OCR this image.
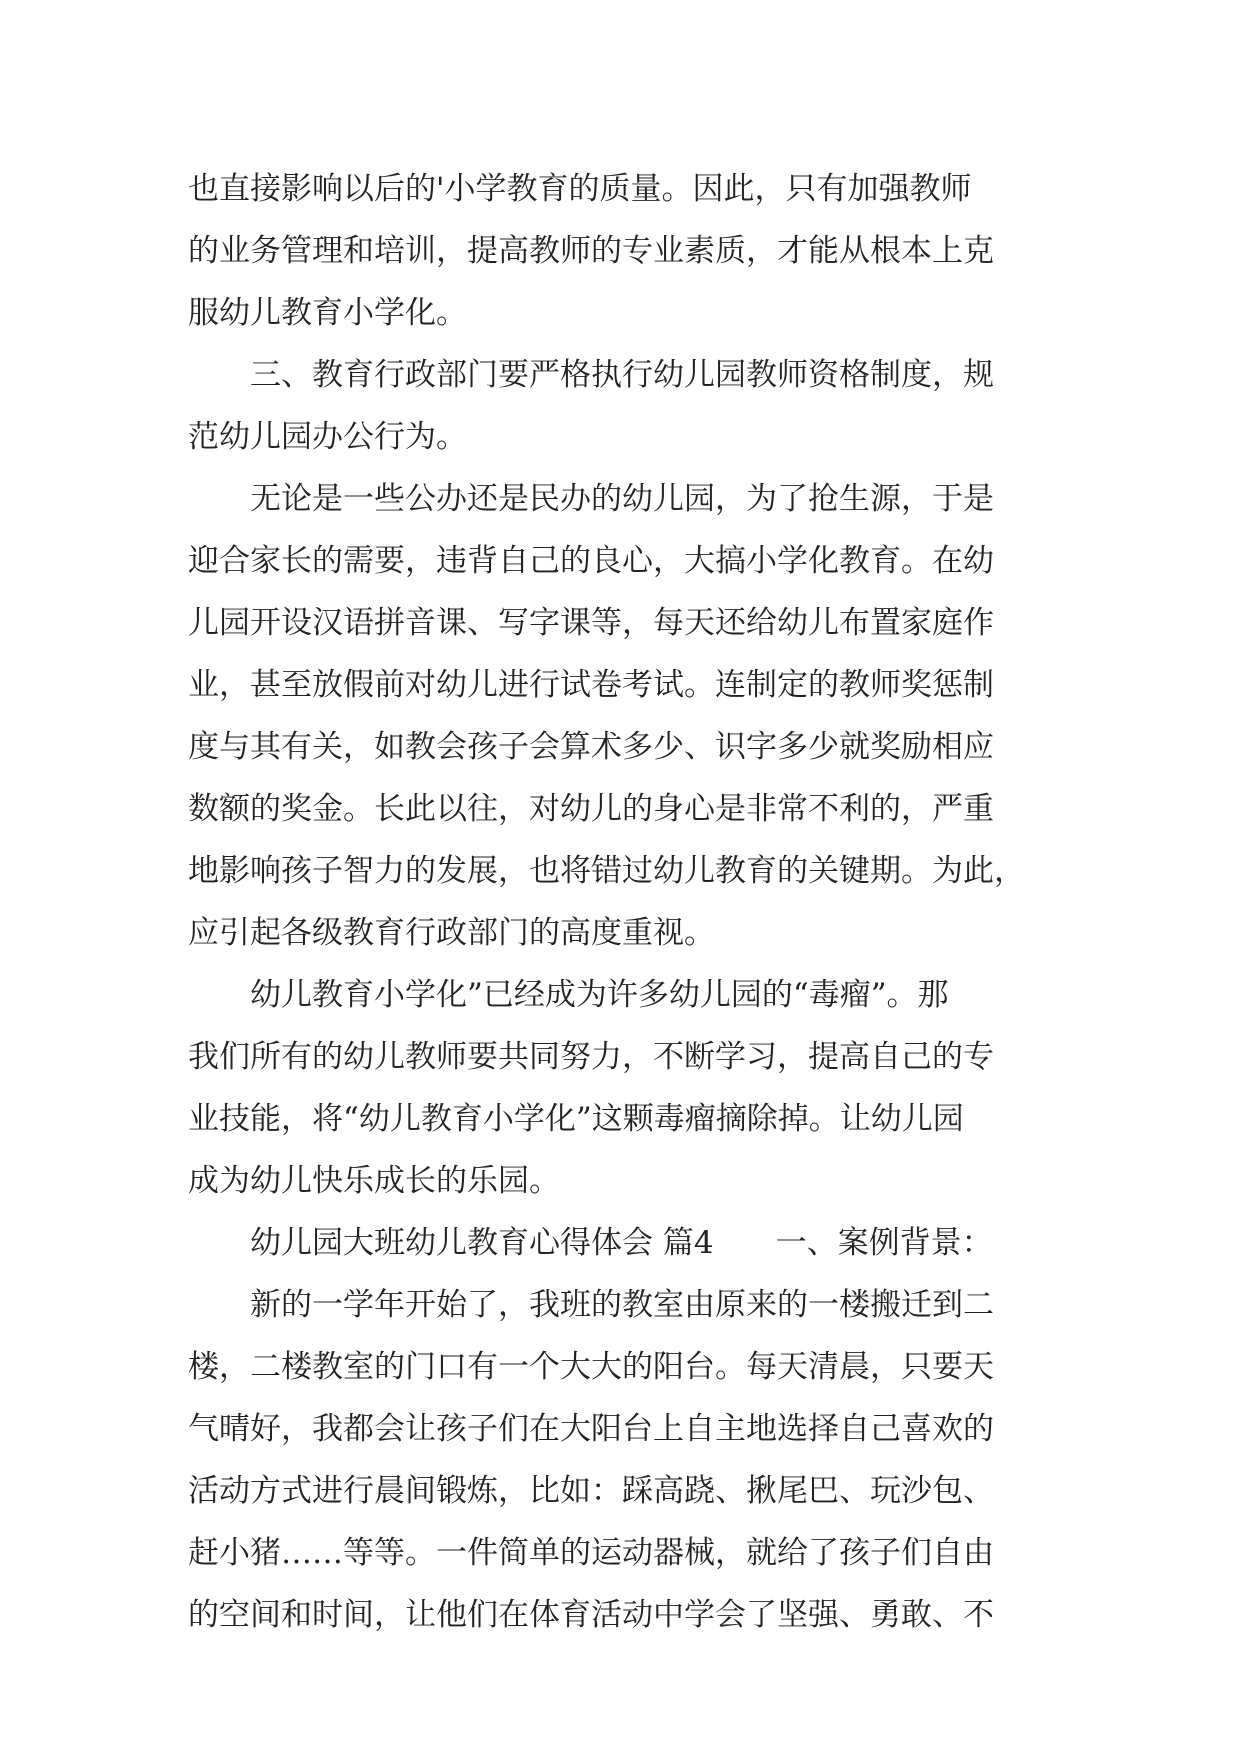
也直接影响以后的'小学教育的质量。因此，只有加强教师
的业务管理和培训，提高教师的专业素质，才能从根本上克
服幼儿教育小学化。
三、教育行政部门要严格执行幼儿园教师资格制度，规
范幼儿园办公行为。
无论是一些公办还是民办的幼儿园，为了抢生源，于是
迎合家长的需要，违背自己的良心，大搞小学化教育。在幼
儿园开设汉语拼音课、写字课等，每天还给幼儿布置家庭作
业，甚至放假前对幼儿进行试卷考试。连制定的教师奖惩制
度与其有关，如教会孩子会算术多少、识字多少就奖励相应
数额的奖金。长此以往，对幼儿的身心是非常不利的，严重
地影响孩子智力的发展，也将错过幼儿教育的关键期。为此，
应引起各级教育行政部门的高度重视。
幼儿教育小学化”已经成为许多幼儿园的“毒瘤”。那
我们所有的幼儿教师要共同努力，不断学习，提高自己的专
业技能，将“幼儿教育小学化”这颗毒瘤摘除掉。让幼儿园
成为幼儿快乐成长的乐园。
幼儿园大班幼儿教育心得体会 篇4　　一、案例背景：
新的一学年开始了，我班的教室由原来的一楼搬迁到二
楼，二楼教室的门口有一个大大的阳台。每天清晨，只要天
气晴好，我都会让孩子们在大阳台上自主地选择自己喜欢的
活动方式进行晨间锻炼，比如：踩高跷、揪尾巴、玩沙包、
赶小猪……等等。一件简单的运动器械，就给了孩子们自由
的空间和时间，让他们在体育活动中学会了坚强、勇敢、不
